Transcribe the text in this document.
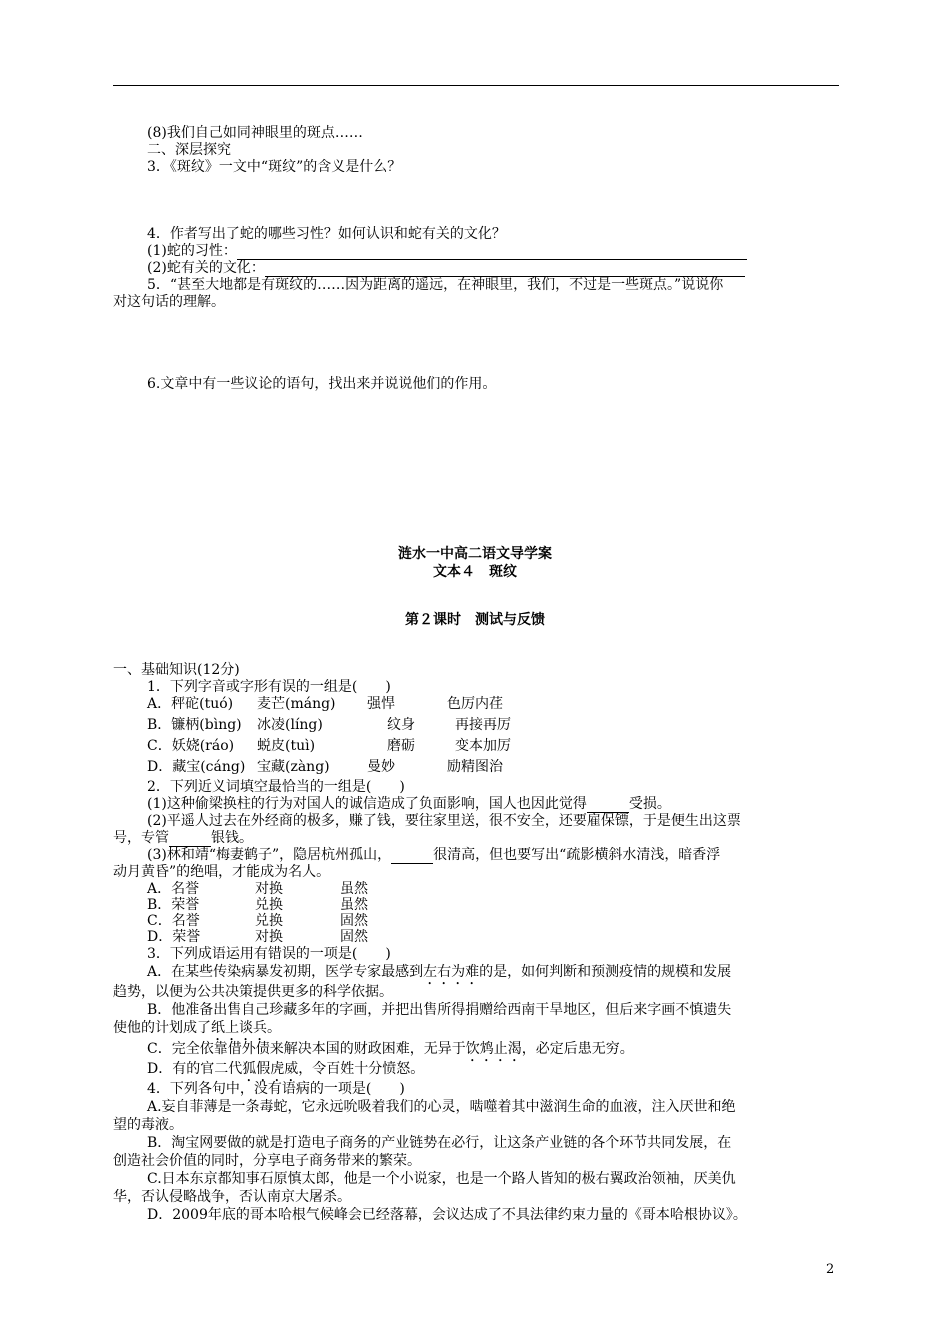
(8)我们自己如同神眼里的斑点……
二、深层探究
3．《斑纹》一文中“斑纹”的含义是什么？
4．作者写出了蛇的哪些习性？如何认识和蛇有关的文化？
(1)蛇的习性：
(2)蛇有关的文化：
5．“甚至大地都是有斑纹的……因为距离的遥远，在神眼里，我们，不过是一些斑点。”说说你
对这句话的理解。
6.文章中有一些议论的语句，找出来并说说他们的作用。
涟水一中高二语文导学案
文本４　斑纹
第２课时　测试与反馈
一、基础知识(12分)
1．下列字音或字形有误的一组是(　　)
A．秤砣(tuó) 麦芒(máng) 强悍	色厉内荏
B．镰柄(bìng) 冰凌(líng)	纹身	再接再厉
C．妖娆(ráo) 蜕皮(tuì)	磨砺	变本加厉
D．藏宝(cáng) 宝藏(zàng)	曼妙	励精图治
2．下列近义词填空最恰当的一组是(　　)
(1)这种偷梁换柱的行为对国人的诚信造成了负面影响，国人也因此觉得	受损。
(2)平遥人过去在外经商的极多，赚了钱，要往家里送，很不安全，还要雇保镖，于是便生出这票
号，专管	银钱。
(3)林和靖“梅妻鹤子”，隐居杭州孤山，	很清高，但也要写出“疏影横斜水清浅，暗香浮
动月黄昏”的绝唱，才能成为名人。
A．名誉	对换	虽然
B．荣誉	兑换	虽然
C．名誉	兑换	固然
D．荣誉	对换	固然
3．下列成语运用有错误的一项是(　　)
A．在某些传染病暴发初期，医学专家最感到左右为难的是，如何判断和预测疫情的规模和发展
趋势，以便为公共决策提供更多的科学依据。
B．他准备出售自己珍藏多年的字画，并把出售所得捐赠给西南干旱地区，但后来字画不慎遗失
使他的计划成了纸上谈兵。
C．完全依靠借外债来解决本国的财政困难，无异于饮鸩止渴，必定后患无穷。
D．有的官二代狐假虎威，令百姓十分愤怒。
4．下列各句中，没有语病的一项是(　　)
A.妄自菲薄是一条毒蛇，它永远吮吸着我们的心灵，啮噬着其中滋润生命的血液，注入厌世和绝
望的毒液。
B．淘宝网要做的就是打造电子商务的产业链势在必行，让这条产业链的各个环节共同发展，在
创造社会价值的同时，分享电子商务带来的繁荣。
C.日本东京都知事石原慎太郎，他是一个小说家，也是一个路人皆知的极右翼政治领袖，厌美仇
华，否认侵略战争，否认南京大屠杀。
D．2009年底的哥本哈根气候峰会已经落幕，会议达成了不具法律约束力量的《哥本哈根协议》。
2
